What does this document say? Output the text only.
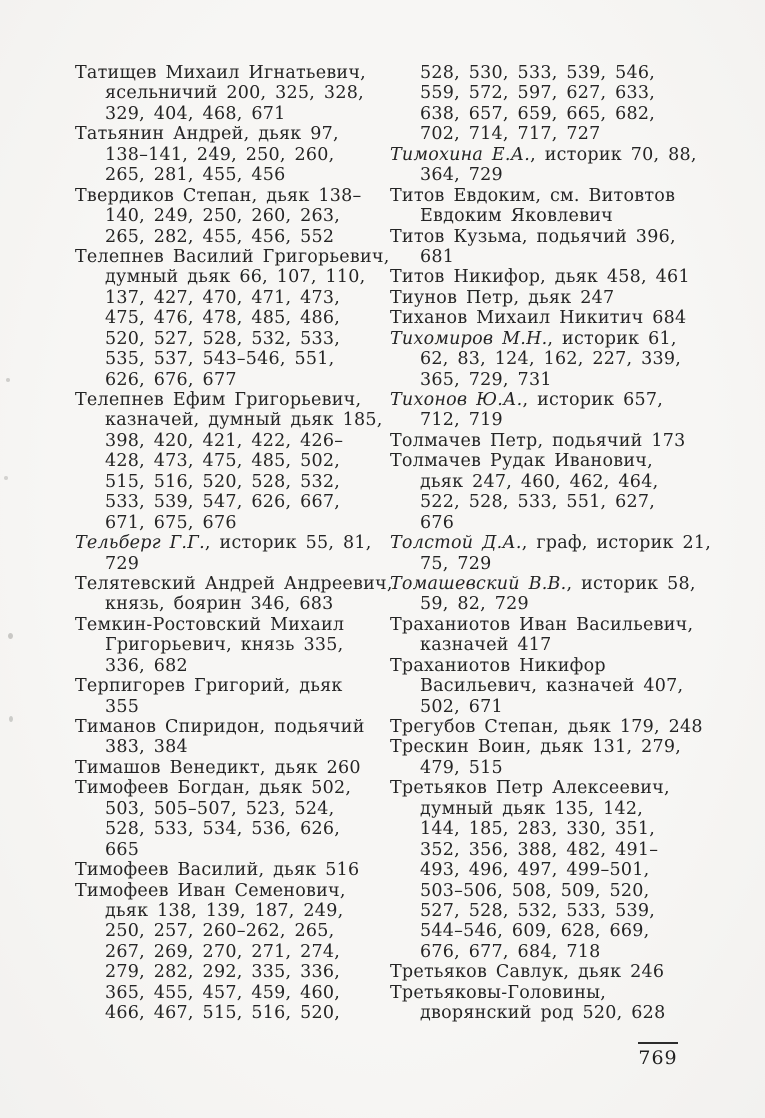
Татищев Михаил Игнатьевич,
ясельничий 200, 325, 328,
329, 404, 468, 671
Татьянин Андрей, дьяк 97,
138–141, 249, 250, 260,
265, 281, 455, 456
Твердиков Степан, дьяк 138–
140, 249, 250, 260, 263,
265, 282, 455, 456, 552
Телепнев Василий Григорьевич,
думный дьяк 66, 107, 110,
137, 427, 470, 471, 473,
475, 476, 478, 485, 486,
520, 527, 528, 532, 533,
535, 537, 543–546, 551,
626, 676, 677
Телепнев Ефим Григорьевич,
казначей, думный дьяк 185,
398, 420, 421, 422, 426–
428, 473, 475, 485, 502,
515, 516, 520, 528, 532,
533, 539, 547, 626, 667,
671, 675, 676
Тельберг Г.Г., историк 55, 81,
729
Телятевский Андрей Андреевич,
князь, боярин 346, 683
Темкин-Ростовский Михаил
Григорьевич, князь 335,
336, 682
Терпигорев Григорий, дьяк
355
Тиманов Спиридон, подьячий
383, 384
Тимашов Венедикт, дьяк 260
Тимофеев Богдан, дьяк 502,
503, 505–507, 523, 524,
528, 533, 534, 536, 626,
665
Тимофеев Василий, дьяк 516
Тимофеев Иван Семенович,
дьяк 138, 139, 187, 249,
250, 257, 260–262, 265,
267, 269, 270, 271, 274,
279, 282, 292, 335, 336,
365, 455, 457, 459, 460,
466, 467, 515, 516, 520,
528, 530, 533, 539, 546,
559, 572, 597, 627, 633,
638, 657, 659, 665, 682,
702, 714, 717, 727
Тимохина Е.А., историк 70, 88,
364, 729
Титов Евдоким, см. Витовтов
Евдоким Яковлевич
Титов Кузьма, подьячий 396,
681
Титов Никифор, дьяк 458, 461
Тиунов Петр, дьяк 247
Тиханов Михаил Никитич 684
Тихомиров М.Н., историк 61,
62, 83, 124, 162, 227, 339,
365, 729, 731
Тихонов Ю.А., историк 657,
712, 719
Толмачев Петр, подьячий 173
Толмачев Рудак Иванович,
дьяк 247, 460, 462, 464,
522, 528, 533, 551, 627,
676
Толстой Д.А., граф, историк 21,
75, 729
Томашевский В.В., историк 58,
59, 82, 729
Траханиотов Иван Васильевич,
казначей 417
Траханиотов Никифор
Васильевич, казначей 407,
502, 671
Трегубов Степан, дьяк 179, 248
Трескин Воин, дьяк 131, 279,
479, 515
Третьяков Петр Алексеевич,
думный дьяк 135, 142,
144, 185, 283, 330, 351,
352, 356, 388, 482, 491–
493, 496, 497, 499–501,
503–506, 508, 509, 520,
527, 528, 532, 533, 539,
544–546, 609, 628, 669,
676, 677, 684, 718
Третьяков Савлук, дьяк 246
Третьяковы-Головины,
дворянский род 520, 628
769
